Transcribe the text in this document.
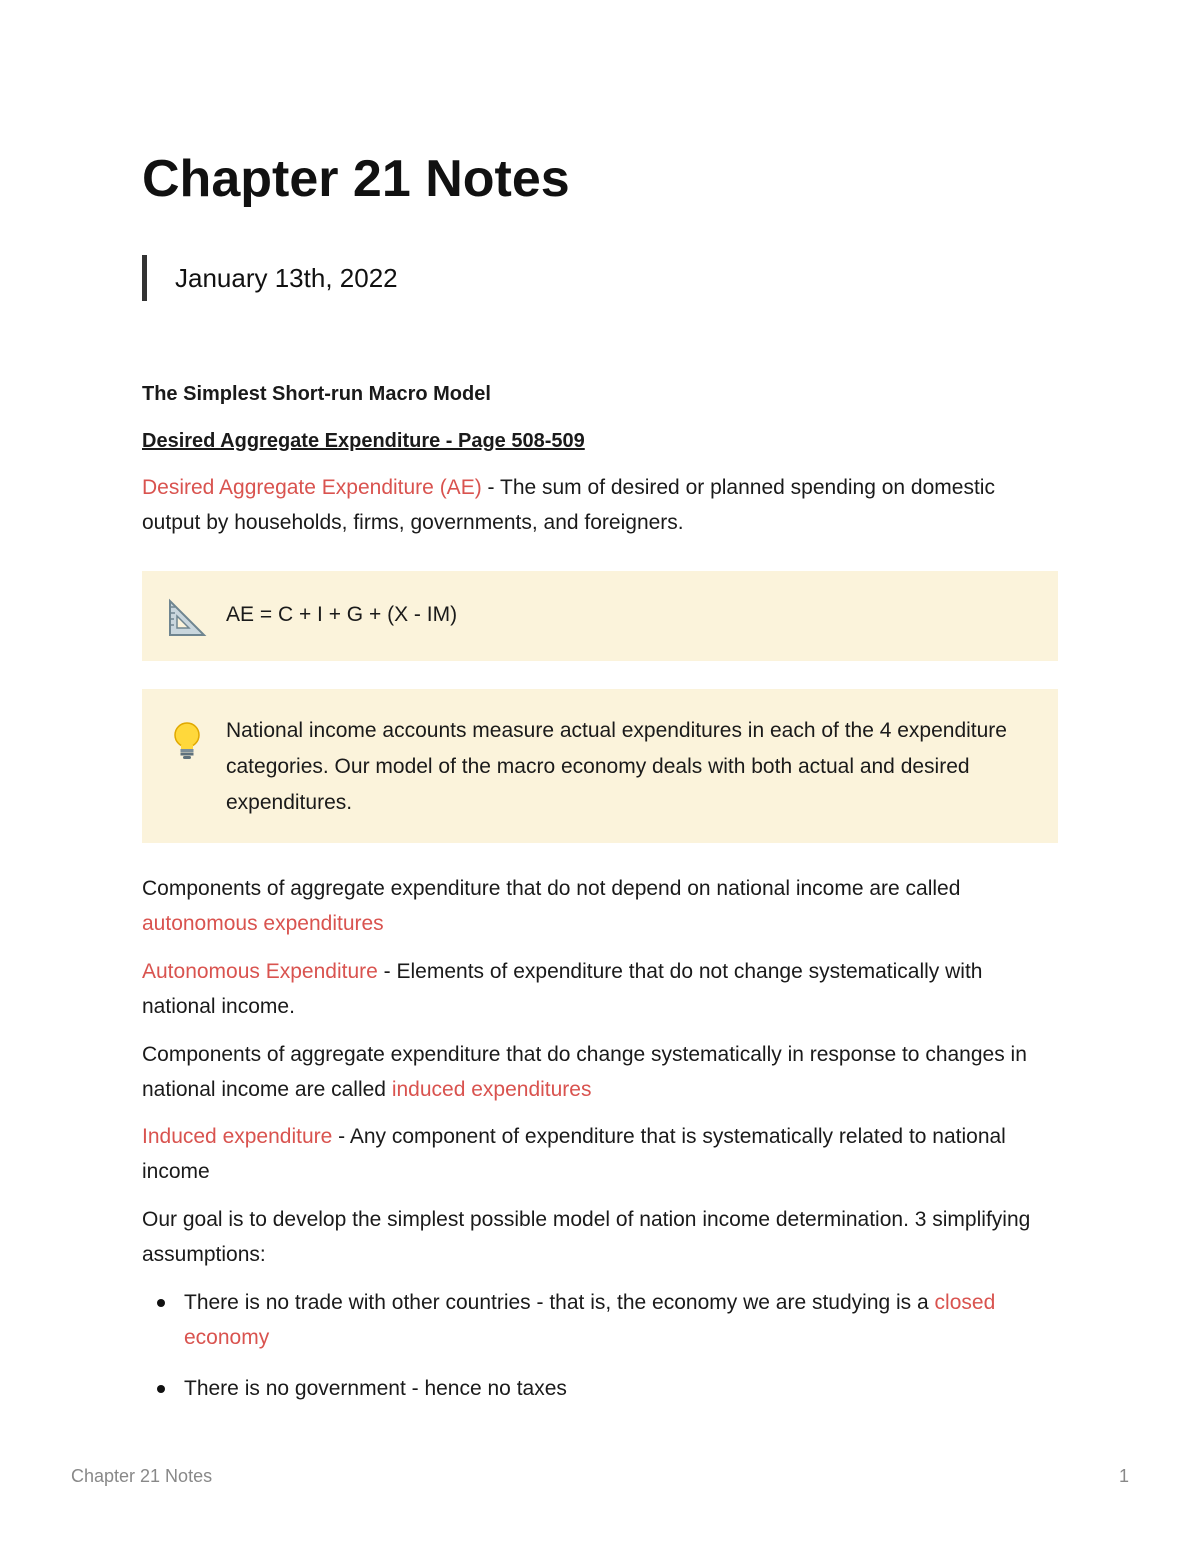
Chapter 21 Notes
January 13th, 2022
The Simplest Short-run Macro Model
Desired Aggregate Expenditure - Page 508-509

Desired Aggregate Expenditure (AE) - The sum of desired or planned spending on domestic output by households, firms, governments, and foreigners.

AE = C + I + G + (X - IM)
National income accounts measure actual expenditures in each of the 4 expenditure categories. Our model of the macro economy deals with both actual and desired expenditures.

Components of aggregate expenditure that do not depend on national income are called autonomous expenditures

Autonomous Expenditure - Elements of expenditure that do not change systematically with national income.

Components of aggregate expenditure that do change systematically in response to changes in national income are called induced expenditures

Induced expenditure - Any component of expenditure that is systematically related to national income

Our goal is to develop the simplest possible model of nation income determination. 3 simplifying assumptions:

There is no trade with other countries - that is, the economy we are studying is a closed economy
There is no government - hence no taxes
Chapter 21 Notes	1
